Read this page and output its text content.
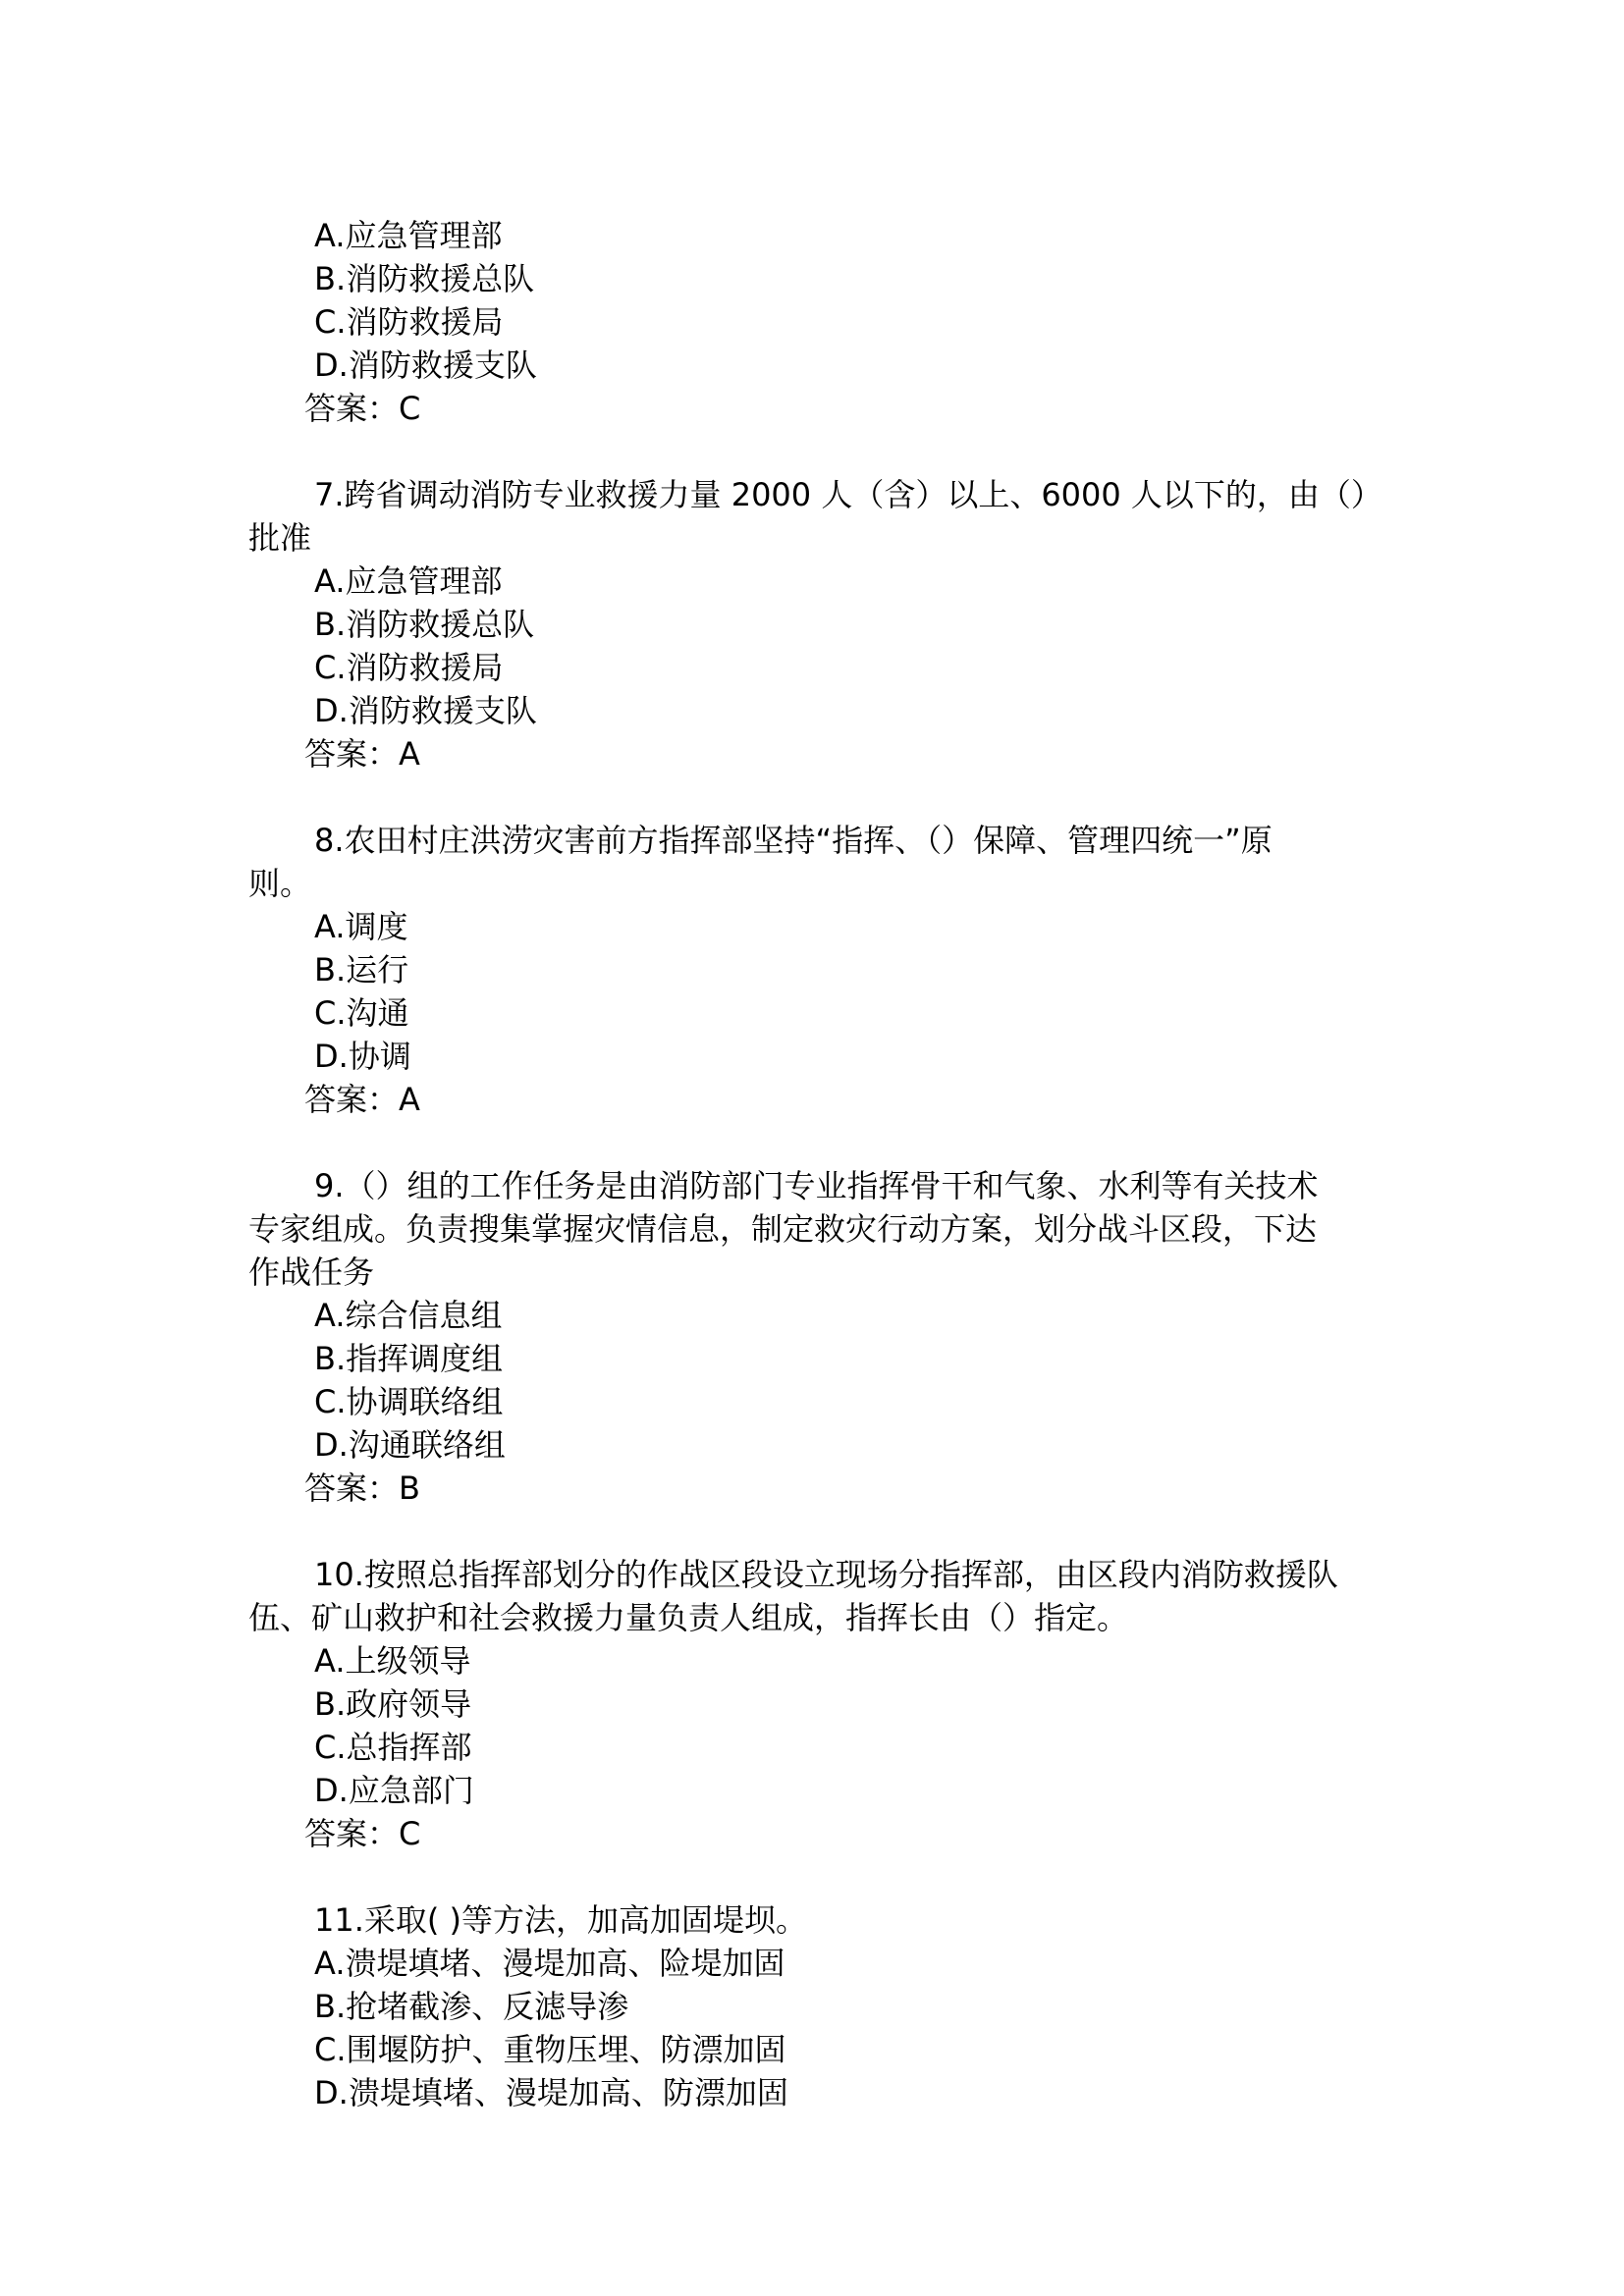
A.应急管理部
B.消防救援总队
C.消防救援局
D.消防救援支队
答案：C
7.跨省调动消防专业救援力量 2000 人（含）以上、6000 人以下的，由（）
批准
A.应急管理部
B.消防救援总队
C.消防救援局
D.消防救援支队
答案：A
8.农田村庄洪涝灾害前方指挥部坚持“指挥、（）保障、管理四统一”原
则。
A.调度
B.运行
C.沟通
D.协调
答案：A
9.（）组的工作任务是由消防部门专业指挥骨干和气象、水利等有关技术
专家组成。负责搜集掌握灾情信息，制定救灾行动方案，划分战斗区段，下达
作战任务
A.综合信息组
B.指挥调度组
C.协调联络组
D.沟通联络组
答案：B
10.按照总指挥部划分的作战区段设立现场分指挥部，由区段内消防救援队
伍、矿山救护和社会救援力量负责人组成，指挥长由（）指定。
A.上级领导
B.政府领导
C.总指挥部
D.应急部门
答案：C
11.采取( )等方法，加高加固堤坝。
A.溃堤填堵、漫堤加高、险堤加固
B.抢堵截渗、反滤导渗
C.围堰防护、重物压埋、防漂加固
D.溃堤填堵、漫堤加高、防漂加固
